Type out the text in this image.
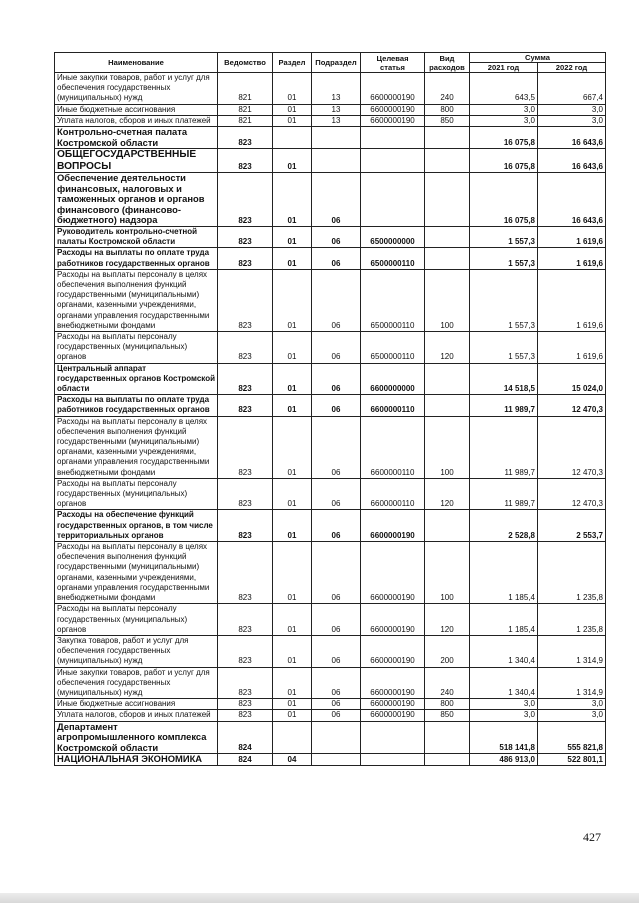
Наименование	Ведомство	Раздел	Подраздел	Целевая статья	Вид расходов	Сумма	
						2021 год	2022 год
Иные закупки товаров, работ и услуг для обеспечения государственных (муниципальных) нужд	821	01	13	6600000190	240	643,5	667,4
Иные бюджетные ассигнования	821	01	13	6600000190	800	3,0	3,0
Уплата налогов, сборов и иных платежей	821	01	13	6600000190	850	3,0	3,0
Контрольно-счетная палата Костромской области	823					16 075,8	16 643,6
ОБЩЕГОСУДАРСТВЕННЫЕ ВОПРОСЫ	823	01				16 075,8	16 643,6
Обеспечение деятельности финансовых, налоговых и таможенных органов и органов финансового (финансово-бюджетного) надзора	823	01	06			16 075,8	16 643,6
Руководитель контрольно-счетной палаты Костромской области	823	01	06	6500000000		1 557,3	1 619,6
Расходы на выплаты по оплате труда работников государственных органов	823	01	06	6500000110		1 557,3	1 619,6
Расходы на выплаты персоналу в целях обеспечения выполнения функций государственными (муниципальными) органами, казенными учреждениями, органами управления государственными внебюджетными фондами	823	01	06	6500000110	100	1 557,3	1 619,6
Расходы на выплаты персоналу государственных (муниципальных) органов	823	01	06	6500000110	120	1 557,3	1 619,6
Центральный аппарат государственных органов Костромской области	823	01	06	6600000000		14 518,5	15 024,0
Расходы на выплаты по оплате труда работников государственных органов	823	01	06	6600000110		11 989,7	12 470,3
Расходы на выплаты персоналу в целях обеспечения выполнения функций государственными (муниципальными) органами, казенными учреждениями, органами управления государственными внебюджетными фондами	823	01	06	6600000110	100	11 989,7	12 470,3
Расходы на выплаты персоналу государственных (муниципальных) органов	823	01	06	6600000110	120	11 989,7	12 470,3
Расходы на обеспечение функций государственных органов, в том числе территориальных органов	823	01	06	6600000190		2 528,8	2 553,7
Расходы на выплаты персоналу в целях обеспечения выполнения функций государственными (муниципальными) органами, казенными учреждениями, органами управления государственными внебюджетными фондами	823	01	06	6600000190	100	1 185,4	1 235,8
Расходы на выплаты персоналу государственных (муниципальных) органов	823	01	06	6600000190	120	1 185,4	1 235,8
Закупка товаров, работ и услуг для обеспечения государственных (муниципальных) нужд	823	01	06	6600000190	200	1 340,4	1 314,9
Иные закупки товаров, работ и услуг для обеспечения государственных (муниципальных) нужд	823	01	06	6600000190	240	1 340,4	1 314,9
Иные бюджетные ассигнования	823	01	06	6600000190	800	3,0	3,0
Уплата налогов, сборов и иных платежей	823	01	06	6600000190	850	3,0	3,0
Департамент агропромышленного комплекса Костромской области	824					518 141,8	555 821,8
НАЦИОНАЛЬНАЯ ЭКОНОМИКА	824	04				486 913,0	522 801,1
427
